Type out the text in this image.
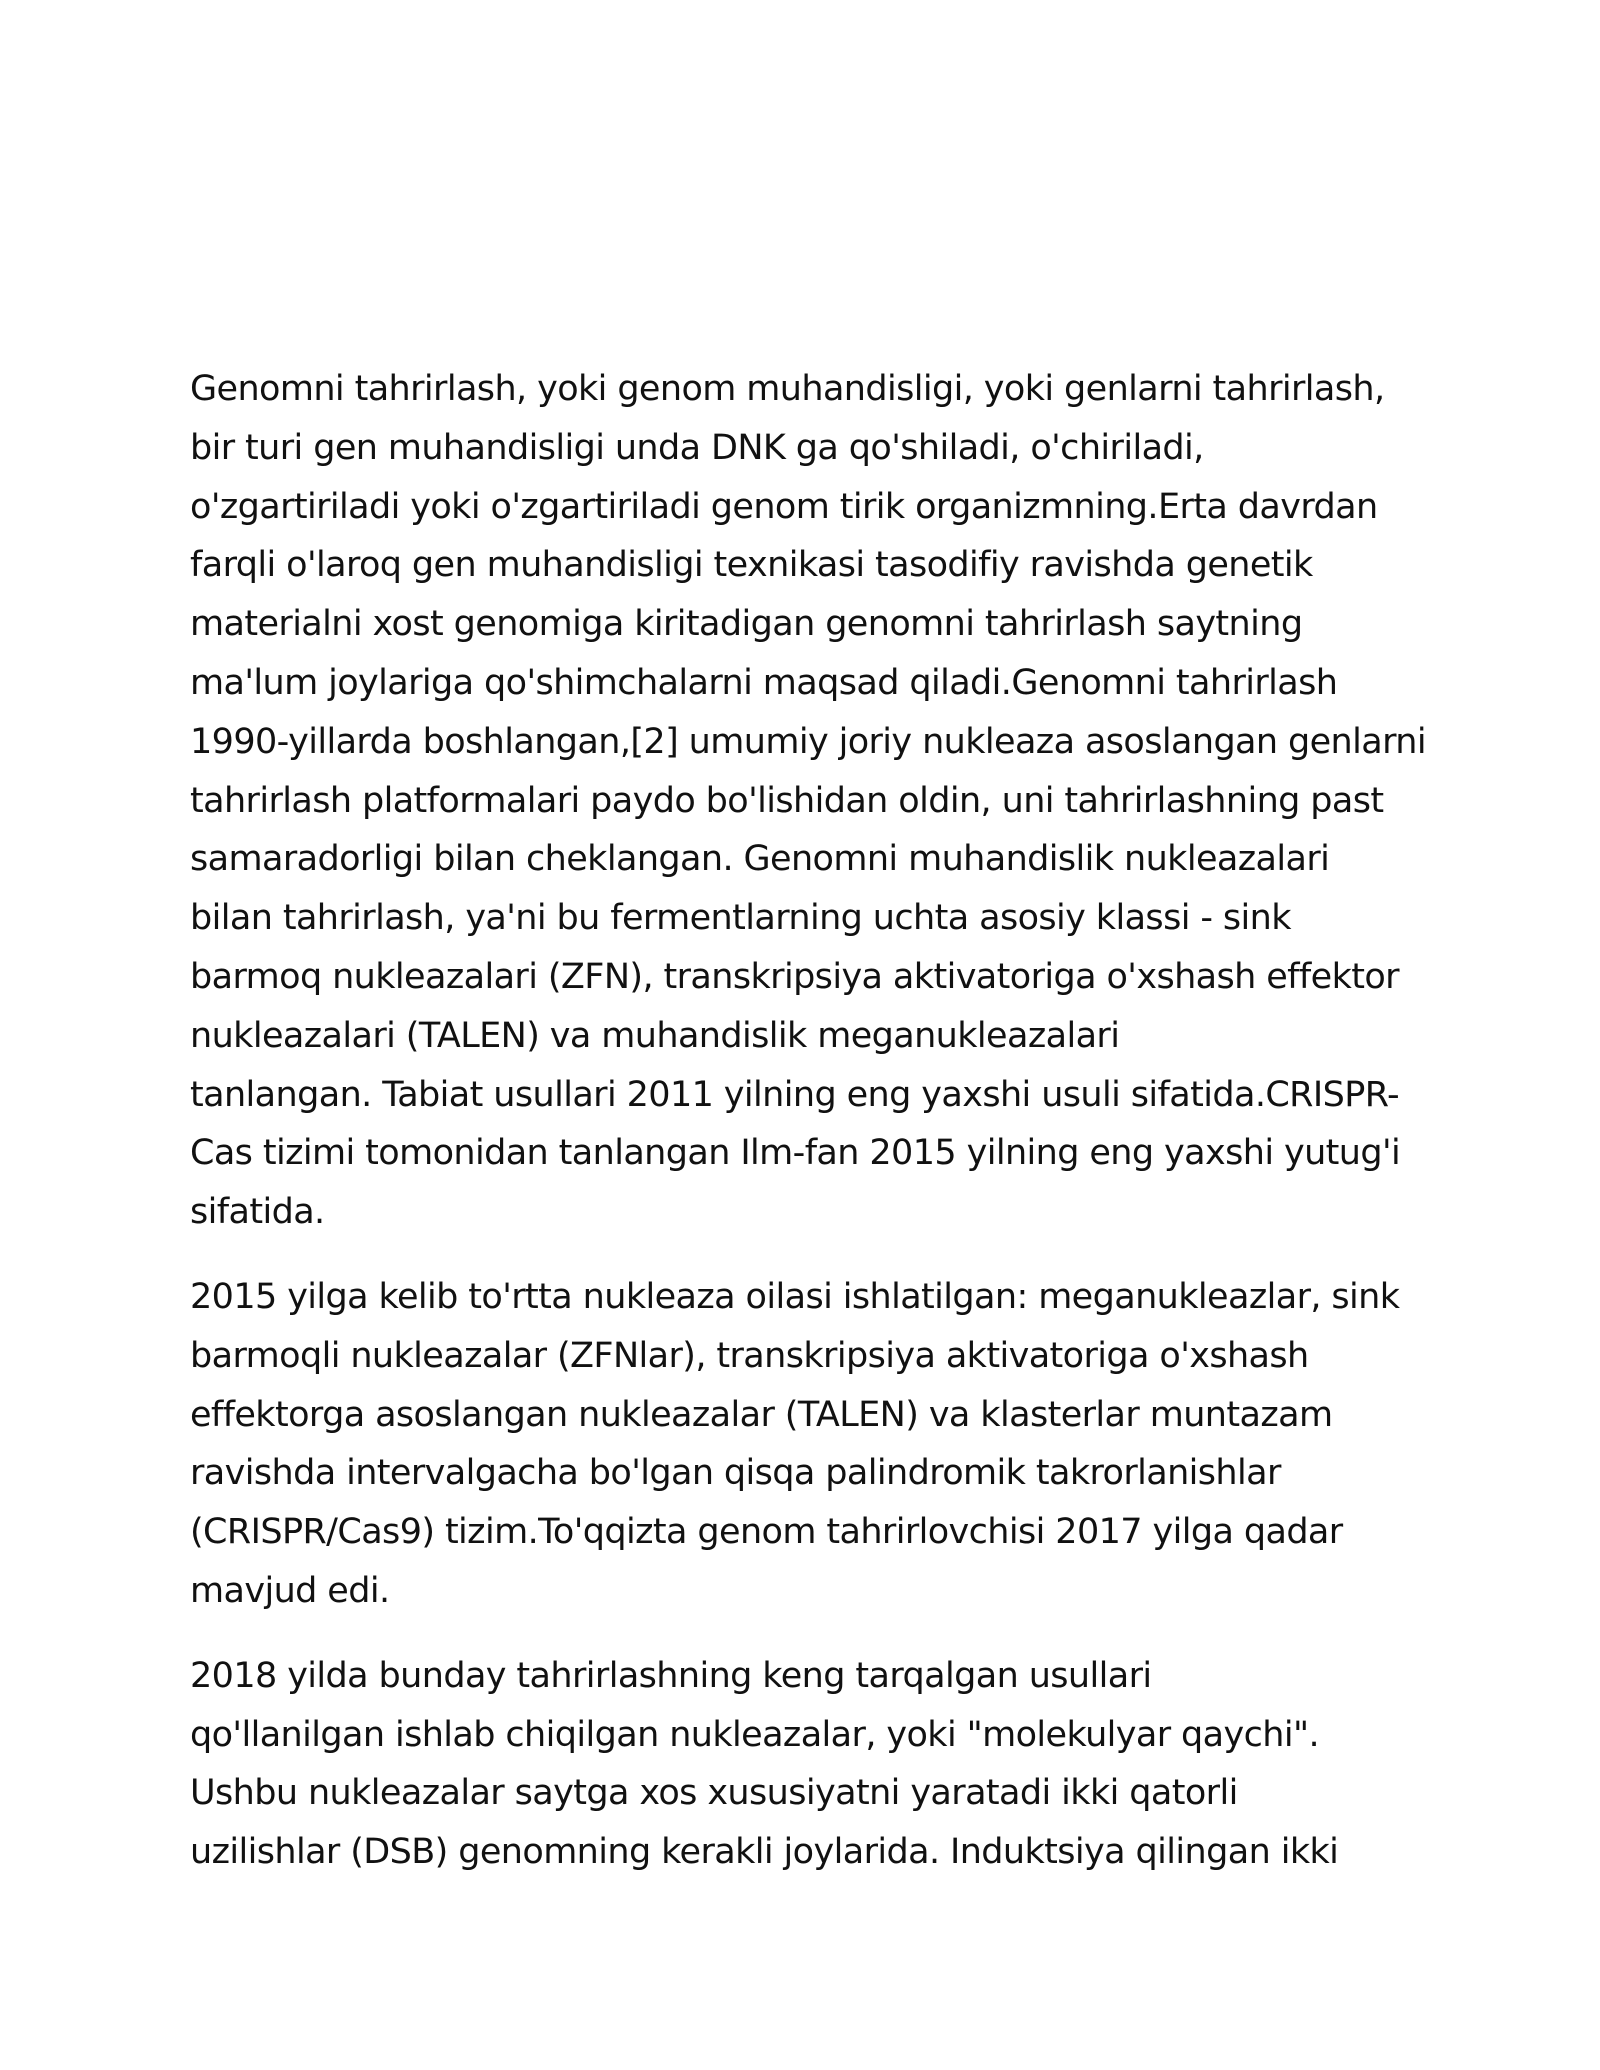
Genomni tahrirlash, yoki genom muhandisligi, yoki genlarni tahrirlash,
bir turi gen muhandisligi unda DNK ga qo'shiladi, o'chiriladi,
o'zgartiriladi yoki o'zgartiriladi genom tirik organizmning.Erta davrdan
farqli o'laroq gen muhandisligi texnikasi tasodifiy ravishda genetik
materialni xost genomiga kiritadigan genomni tahrirlash saytning
ma'lum joylariga qo'shimchalarni maqsad qiladi.Genomni tahrirlash
1990-yillarda boshlangan,[2] umumiy joriy nukleaza asoslangan genlarni
tahrirlash platformalari paydo bo'lishidan oldin, uni tahrirlashning past
samaradorligi bilan cheklangan. Genomni muhandislik nukleazalari
bilan tahrirlash, ya'ni bu fermentlarning uchta asosiy klassi - sink
barmoq nukleazalari (ZFN), transkripsiya aktivatoriga o'xshash effektor
nukleazalari (TALEN) va muhandislik meganukleazalari
tanlangan. Tabiat usullari 2011 yilning eng yaxshi usuli sifatida.CRISPR-
Cas tizimi tomonidan tanlangan Ilm-fan 2015 yilning eng yaxshi yutug'i
sifatida.

2015 yilga kelib to'rtta nukleaza oilasi ishlatilgan: meganukleazlar, sink
barmoqli nukleazalar (ZFNlar), transkripsiya aktivatoriga o'xshash
effektorga asoslangan nukleazalar (TALEN) va klasterlar muntazam
ravishda intervalgacha bo'lgan qisqa palindromik takrorlanishlar
(CRISPR/Cas9) tizim.To'qqizta genom tahrirlovchisi 2017 yilga qadar
mavjud edi.

2018 yilda bunday tahrirlashning keng tarqalgan usullari
qo'llanilgan ishlab chiqilgan nukleazalar, yoki "molekulyar qaychi".
Ushbu nukleazalar saytga xos xususiyatni yaratadi ikki qatorli
uzilishlar (DSB) genomning kerakli joylarida. Induktsiya qilingan ikki
